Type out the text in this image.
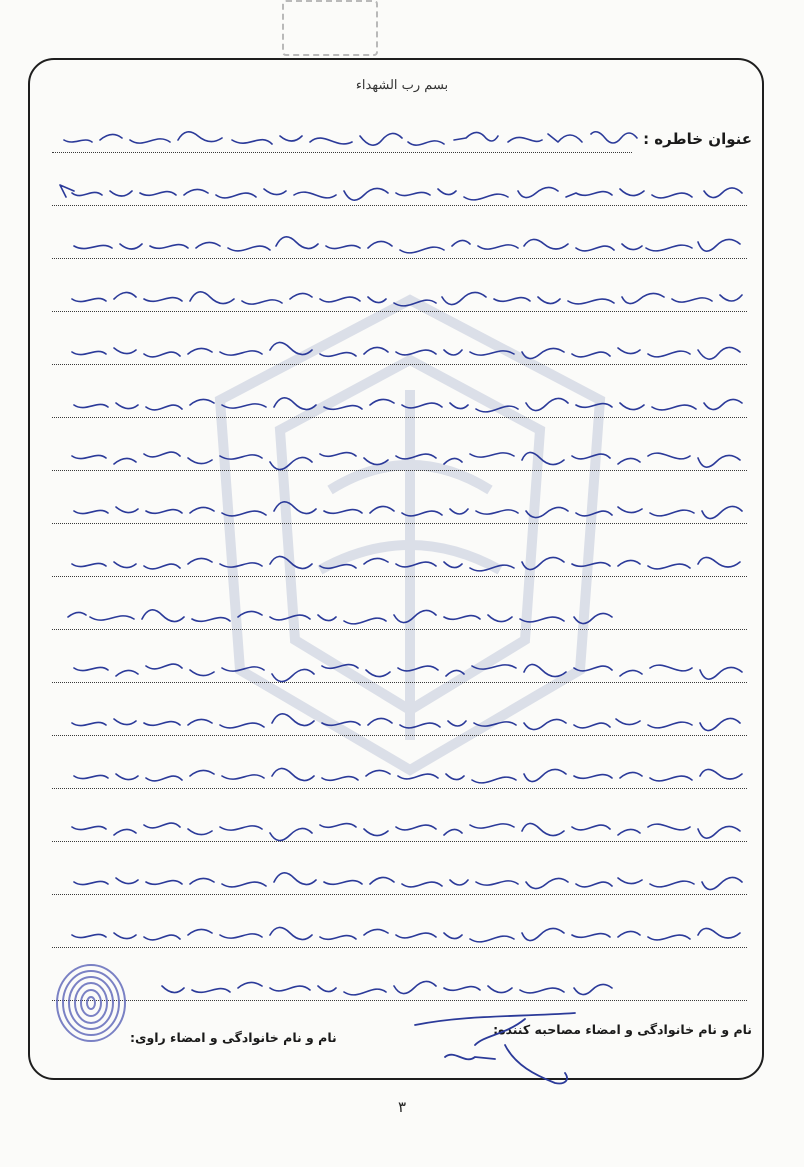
بسم رب الشهداء
عنوان خاطره :
نام و نام خانوادگی و امضاء مصاحبه کننده:
نام و نام خانوادگی و امضاء راوی:
۳
